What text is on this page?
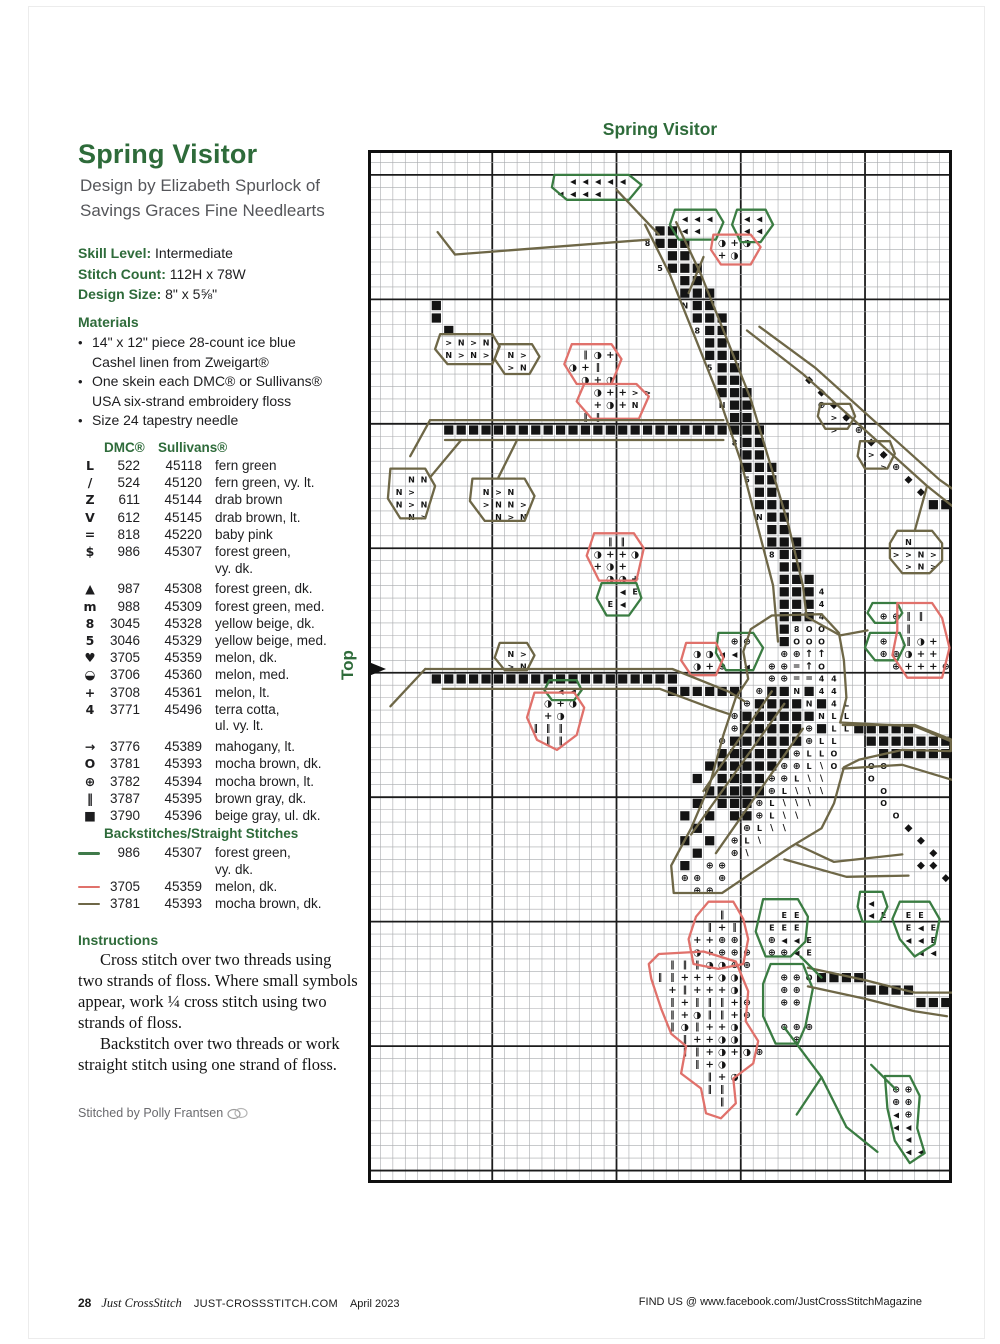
Spring Visitor
Design by Elizabeth Spurlock of
Savings Graces Fine Needlearts
Skill Level: Intermediate
Stitch Count: 112H x 78W
Design Size: 8" x 5⅝"
Materials
• 14" x 12" piece 28-count ice blue
Cashel linen from Zweigart®
• One skein each DMC® or Sullivans®
USA six-strand embroidery floss
• Size 24 tapestry needle
DMC® Sullivans®
L 522 45118 fern green
/ 524 45120 fern green, vy. lt.
Z 611 45144 drab brown
V 612 45145 drab brown, lt.
= 818 45220 baby pink
$ 986 45307 forest green,
vy. dk.
▲ 987 45308 forest green, dk.
m 988 45309 forest green, med.
8 3045 45328 yellow beige, dk.
5 3046 45329 yellow beige, med.
♥ 3705 45359 melon, dk.
◒ 3706 45360 melon, med.
+ 3708 45361 melon, lt.
4 3771 45496 terra cotta,
ul. vy. lt.
→ 3776 45389 mahogany, lt.
O 3781 45393 mocha brown, dk.
⊕ 3782 45394 mocha brown, lt.
‖ 3787 45395 brown gray, dk.
■ 3790 45396 beige gray, ul. dk.
Backstitches/Straight Stitches
986 45307 forest green,
vy. dk.
3705 45359 melon, dk.
3781 45393 mocha brown, dk.
Instructions

Cross stitch over two threads using two strands of floss. Where small symbols appear, work ¼ cross stitch using two strands of floss.

Backstitch over two threads or work straight stitch using one strand of floss.

Stitched by Polly Frantsen
Spring Visitor
Top
◀ ◀ ◀ ◀ ◀
◀ ◀ ◀ ◀
◀ ◀ ◀
◀ ◀
◀ ◀
◀ ◀
◑ + ◑
+ ◑
8
5
N
8
5
N
8
5
N
8
4
4
4
> N > N
N > N > N >
> N
N N
N >
N > N
N >
N > N
> N N >
N > N
‖ ◑ +
◑ + ‖
◑ + ◑
◑ + + > >
+ ◑ + N
‖ ‖	> >
>
> >
>
⊕
⊕
⊕
N
> > N >
> N >
‖ ‖
◑ + + ◑
+ ◑ +
◑ ◑ +
◀ E
E ◀
N >
> N
◀ ◀
◑ + ◑
+ ◑
‖ ‖ ‖
‖ ‖
◑ ◑
◑ +
⊕ ⊕
◀ ◀
⊕ ◀
⊕ ⊕
⊕
⊕ ⊕
‖ ‖
‖
‖ ◑ +
◑ + +
⊕ + + + ⊕
8 O O
O O O
⊕ ⊕ ↑ ↑
⊕ ⊕ = ↑ O
⊕ ⊕ = = 4 4
⊕	N 4 4
⊕	N 4 L
⊕	N L L
⊕	⊕ L L
⊕	⊕ L L
⊕ L L O
⊕ ⊕ L \ O	O O
⊕ ⊕ L \ \	O
⊕ L \ \ \	O
⊕ L \ \ \	O
⊕ L \ \	O
⊕ L \ \
⊕ L \
⊕ \
⊕ ⊕
⊕ ⊕ ⊕
⊕ ⊕
‖
‖ + ‖
+ + ⊕ ⊕
◑ + ⊕ ⊕ ⊕
‖ ‖ ‖ ◑ ◑ ⊕ ⊕
‖ ‖ + + + ◑ ◑
+ ‖ + + + ◑
‖ + ‖ ‖ ‖ + ⊕
‖ + ◑ ‖ ‖ + ⊕
‖ ◑ ‖ + + ◑
‖ + + ◑ ◑
‖ ‖ + ◑ + ◑ ⊕
‖ + ◑
‖ + ◑
‖ ‖
‖
E E
E E E
⊕ ◀ ◀ E
⊕ ⊕ ◀ E
⊕ ⊕
⊕ ⊕
⊕ ⊕
⊕ ⊕ ⊕
⊕
◀
◀ E
O
E E
E ◀ E
◀ ◀ E
◀ ◀
⊕ ⊕
⊕ ⊕
◀ ⊕
◀ ◀
◀
◀ ◀
28 Just CrossStitch JUST-CROSSSTITCH.COM April 2023	FIND US @ www.facebook.com/JustCrossStitchMagazine
